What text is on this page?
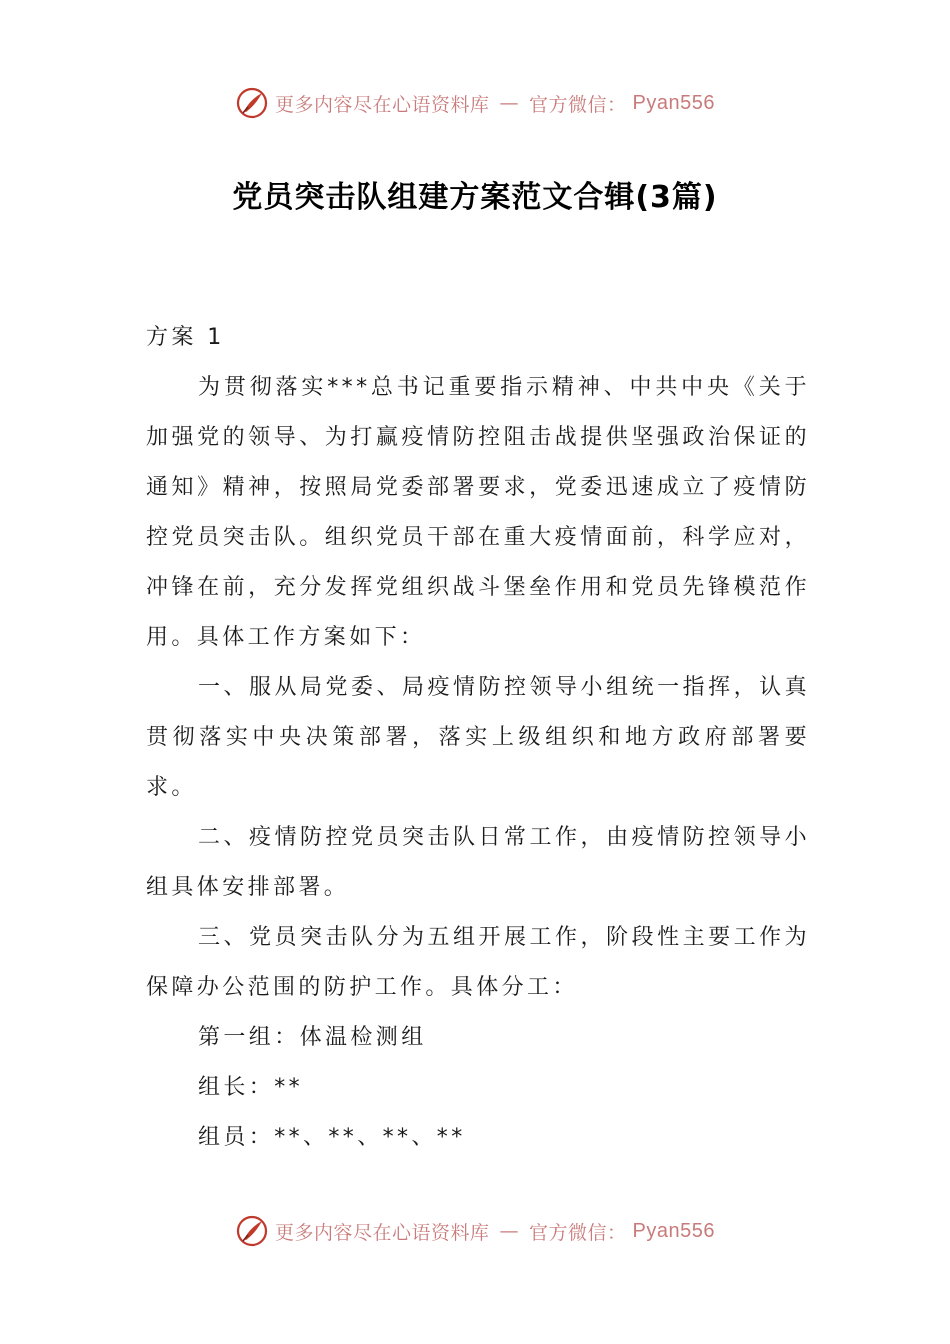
更多内容尽在心语资料库 — 官方微信： Pyan556
党员突击队组建方案范文合辑(3篇)

方案 1

为贯彻落实***总书记重要指示精神、中共中央《关于加强党的领导、为打赢疫情防控阻击战提供坚强政治保证的通知》精神，按照局党委部署要求，党委迅速成立了疫情防控党员突击队。组织党员干部在重大疫情面前，科学应对，冲锋在前，充分发挥党组织战斗堡垒作用和党员先锋模范作用。具体工作方案如下：

一、服从局党委、局疫情防控领导小组统一指挥，认真贯彻落实中央决策部署，落实上级组织和地方政府部署要求。

二、疫情防控党员突击队日常工作，由疫情防控领导小组具体安排部署。

三、党员突击队分为五组开展工作，阶段性主要工作为保障办公范围的防护工作。具体分工：

第一组：体温检测组

组长：**

组员：**、**、**、**

更多内容尽在心语资料库 — 官方微信： Pyan556
